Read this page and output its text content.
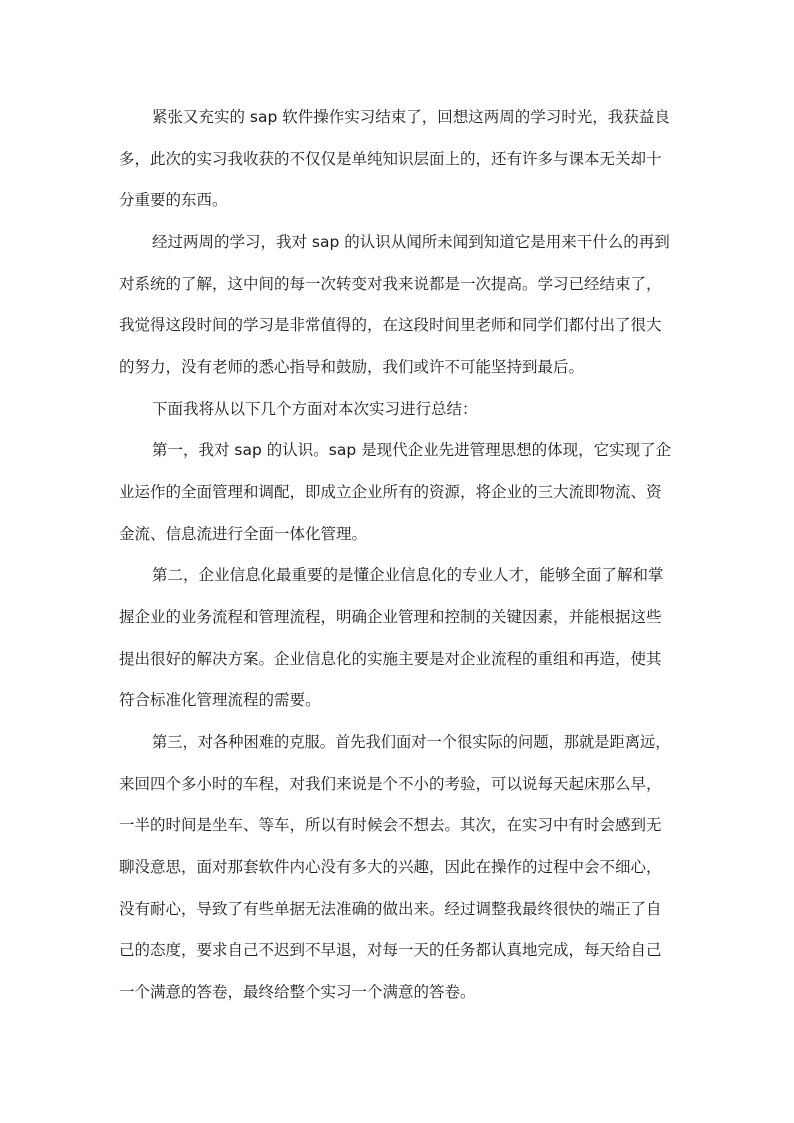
紧张又充实的 sap 软件操作实习结束了，回想这两周的学习时光，我获益良

多，此次的实习我收获的不仅仅是单纯知识层面上的，还有许多与课本无关却十

分重要的东西。

经过两周的学习，我对 sap 的认识从闻所未闻到知道它是用来干什么的再到

对系统的了解，这中间的每一次转变对我来说都是一次提高。学习已经结束了，

我觉得这段时间的学习是非常值得的，在这段时间里老师和同学们都付出了很大

的努力，没有老师的悉心指导和鼓励，我们或许不可能坚持到最后。

下面我将从以下几个方面对本次实习进行总结：

第一，我对 sap 的认识。sap 是现代企业先进管理思想的体现，它实现了企

业运作的全面管理和调配，即成立企业所有的资源，将企业的三大流即物流、资

金流、信息流进行全面一体化管理。

第二，企业信息化最重要的是懂企业信息化的专业人才，能够全面了解和掌

握企业的业务流程和管理流程，明确企业管理和控制的关键因素，并能根据这些

提出很好的解决方案。企业信息化的实施主要是对企业流程的重组和再造，使其

符合标准化管理流程的需要。

第三，对各种困难的克服。首先我们面对一个很实际的问题，那就是距离远，

来回四个多小时的车程，对我们来说是个不小的考验，可以说每天起床那么早，

一半的时间是坐车、等车，所以有时候会不想去。其次，在实习中有时会感到无

聊没意思，面对那套软件内心没有多大的兴趣，因此在操作的过程中会不细心，

没有耐心，导致了有些单据无法准确的做出来。经过调整我最终很快的端正了自

己的态度，要求自己不迟到不早退，对每一天的任务都认真地完成，每天给自己

一个满意的答卷，最终给整个实习一个满意的答卷。
